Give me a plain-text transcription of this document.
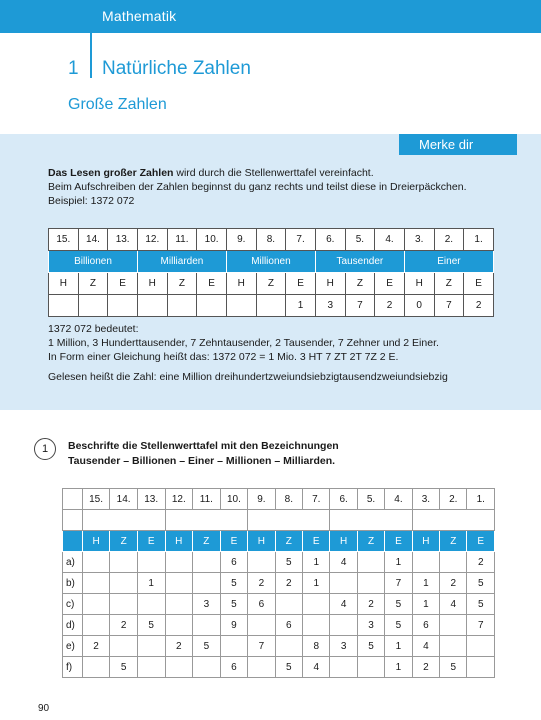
Mathematik
1 Natürliche Zahlen
Große Zahlen
Merke dir
Das Lesen großer Zahlen wird durch die Stellenwerttafel vereinfacht.
Beim Aufschreiben der Zahlen beginnst du ganz rechts und teilst diese in Dreierpäckchen.
Beispiel: 1372 072
15.	14.	13.	12.	11.	10.	9.	8.	7.	6.	5.	4.	3.	2.	1.
Billionen			Milliarden			Millionen			Tausender			Einer		
H	Z	E	H	Z	E	H	Z	E	H	Z	E	H	Z	E
								1	3	7	2	0	7	2

1372 072 bedeutet:

1 Million, 3 Hunderttausender, 7 Zehntausender, 2 Tausender, 7 Zehner und 2 Einer.

In Form einer Gleichung heißt das: 1372 072 = 1 Mio. 3 HT 7 ZT 2T 7Z 2 E.

Gelesen heißt die Zahl: eine Million dreihundertzweiundsiebzigtausendzweiundsiebzig

1	Beschrifte die Stellenwerttafel mit den Bezeichnungen
Tausender – Billionen – Einer – Millionen – Milliarden.
	15.	14.	13.	12.	11.	10.	9.	8.	7.	6.	5.	4.	3.	2.	1.

	H	Z	E	H	Z	E	H	Z	E	H	Z	E	H	Z	E
a)						6		5	1	4		1			2
b)			1			5	2	2	1			7	1	2	5
c)					3	5	6			4	2	5	1	4	5
d)		2	5			9		6			3	5	6		7
e)	2			2	5		7		8	3	5	1	4		
f)		5				6		5	4			1	2	5	
90
